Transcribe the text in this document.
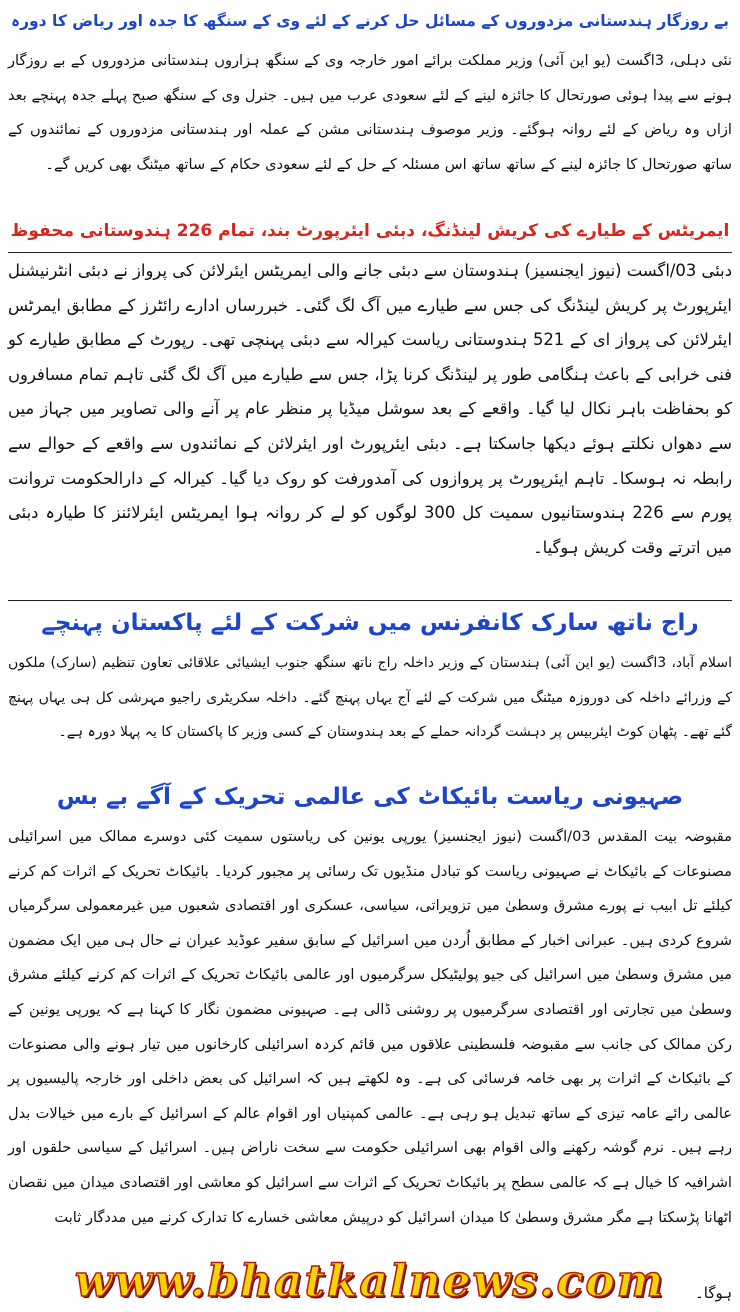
بے روزگار ہندستانی مزدوروں کے مسائل حل کرنے کے لئے وی کے سنگھ کا جدہ اور ریاض کا دورہ

نئی دہلی، 3اگست (یو این آئی) وزیر مملکت برائے امور خارجہ وی کے سنگھ ہزاروں ہندستانی مزدوروں کے بے روزگار ہونے سے پیدا ہوئی صورتحال کا جائزہ لینے کے لئے سعودی عرب میں ہیں۔ جنرل وی کے سنگھ صبح پہلے جدہ پہنچے بعد ازاں وہ ریاض کے لئے روانہ ہوگئے۔ وزیر موصوف ہندستانی مشن کے عملہ اور ہندستانی مزدوروں کے نمائندوں کے ساتھ صورتحال کا جائزہ لینے کے ساتھ ساتھ اس مسئلہ کے حل کے لئے سعودی حکام کے ساتھ میٹنگ بھی کریں گے۔

ایمریٹس کے طیارے کی کریش لینڈنگ، دبئی ایئرپورٹ بند، تمام 226 ہندوستانی محفوظ

دبئی 03/اگست (نیوز ایجنسیز) ہندوستان سے دبئی جانے والی ایمریٹس ایئرلائن کی پرواز نے دبئی انٹرنیشنل ایئرپورٹ پر کریش لینڈنگ کی جس سے طیارے میں آگ لگ گئی۔ خبررساں ادارے رائٹرز کے مطابق ایمرٹس ایئرلائن کی پرواز ای کے 521 ہندوستانی ریاست کیرالہ سے دبئی پہنچی تھی۔ رپورٹ کے مطابق طیارے کو فنی خرابی کے باعث ہنگامی طور پر لینڈنگ کرنا پڑا، جس سے طیارے میں آگ لگ گئی تاہم تمام مسافروں کو بحفاظت باہر نکال لیا گیا۔ واقعے کے بعد سوشل میڈیا پر منظر عام پر آنے والی تصاویر میں جہاز میں سے دھواں نکلتے ہوئے دیکھا جاسکتا ہے۔ دبئی ایئرپورٹ اور ایئرلائن کے نمائندوں سے واقعے کے حوالے سے رابطہ نہ ہوسکا۔ تاہم ایئرپورٹ پر پروازوں کی آمدورفت کو روک دیا گیا۔ کیرالہ کے دارالحکومت تروانت پورم سے 226 ہندوستانیوں سمیت کل 300 لوگوں کو لے کر روانہ ہوا ایمریٹس ایئرلائنز کا طیارہ دبئی میں اترتے وقت کریش ہوگیا۔

راج ناتھ سارک کانفرنس میں شرکت کے لئے پاکستان پہنچے

اسلام آباد، 3اگست (یو این آئی) ہندستان کے وزیر داخلہ راج ناتھ سنگھ جنوب ایشیائی علاقائی تعاون تنظیم (سارک) ملکوں کے وزرائے داخلہ کی دوروزہ میٹنگ میں شرکت کے لئے آج یہاں پہنچ گئے۔ داخلہ سکریٹری راجیو مہرشی کل ہی یہاں پہنچ گئے تھے۔ پٹھان کوٹ ایئربیس پر دہشت گردانہ حملے کے بعد ہندوستان کے کسی وزیر کا پاکستان کا یہ پہلا دورہ ہے۔

صہیونی ریاست بائیکاٹ کی عالمی تحریک کے آگے بے بس

مقبوضہ بیت المقدس 03/اگست (نیوز ایجنسیز) یورپی یونین کی ریاستوں سمیت کئی دوسرے ممالک میں اسرائیلی مصنوعات کے بائیکاٹ نے صہیونی ریاست کو تبادل منڈیوں تک رسائی پر مجبور کردیا۔ بائیکاٹ تحریک کے اثرات کم کرنے کیلئے تل ابیب نے پورے مشرق وسطیٰ میں تزویراتی، سیاسی، عسکری اور اقتصادی شعبوں میں غیرمعمولی سرگرمیاں شروع کردی ہیں۔ عبرانی اخبار کے مطابق اُردن میں اسرائیل کے سابق سفیر عوڈید عیران نے حال ہی میں ایک مضمون میں مشرق وسطیٰ میں اسرائیل کی جیو پولیٹیکل سرگرمیوں اور عالمی بائیکاٹ تحریک کے اثرات کم کرنے کیلئے مشرق وسطیٰ میں تجارتی اور اقتصادی سرگرمیوں پر روشنی ڈالی ہے۔ صہیونی مضمون نگار کا کہنا ہے کہ یورپی یونین کے رکن ممالک کی جانب سے مقبوضہ فلسطینی علاقوں میں قائم کردہ اسرائیلی کارخانوں میں تیار ہونے والی مصنوعات کے بائیکاٹ کے اثرات پر بھی خامہ فرسائی کی ہے۔ وہ لکھتے ہیں کہ اسرائیل کی بعض داخلی اور خارجہ پالیسیوں پر عالمی رائے عامہ تیزی کے ساتھ تبدیل ہو رہی ہے۔ عالمی کمپنیاں اور اقوام عالم کے اسرائیل کے بارے میں خیالات بدل رہے ہیں۔ نرم گوشہ رکھنے والی اقوام بھی اسرائیلی حکومت سے سخت ناراض ہیں۔ اسرائیل کے سیاسی حلقوں اور اشرافیہ کا خیال ہے کہ عالمی سطح پر بائیکاٹ تحریک کے اثرات سے اسرائیل کو معاشی اور اقتصادی میدان میں نقصان اٹھانا پڑسکتا ہے مگر مشرق وسطیٰ کا میدان اسرائیل کو درپیش معاشی خسارے کا تدارک کرنے میں مددگار ثابت

www.bhatkalnews.com	ہوگا۔
